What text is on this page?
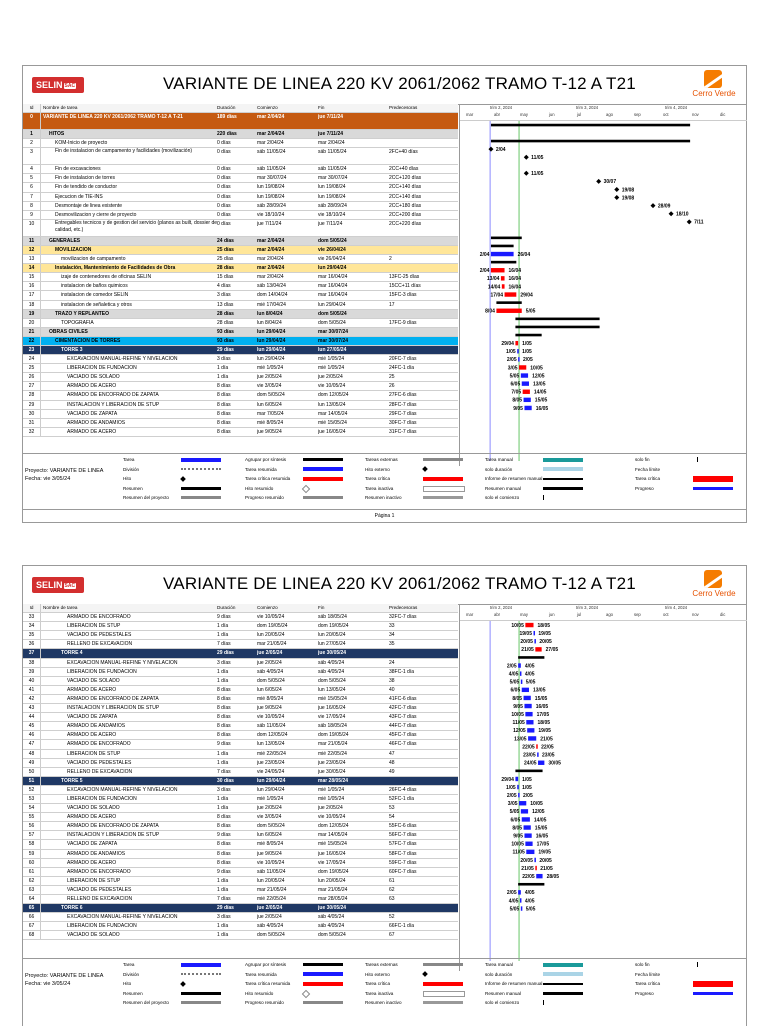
SELIN SAC	VARIANTE DE LINEA 220 KV 2061/2062 TRAMO T-12 A T21
Cerro Verde
Id	Nombre de tarea	Duración	Comienzo	Fin	Predecesoras
0	VARIANTE DE LINEA 220 KV 2061/2062 TRAMO T-12 A T-21	189 días	mar 2/04/24	jue 7/11/24
1	HITOS	220 días	mar 2/04/24	jue 7/11/24
2	KOM-Inicio de proyecto	0 días	mar 2/04/24	mar 2/04/24
3	Fin de instalacion de campamento y facilidades (movilización)	0 días	sáb 11/05/24	sáb 11/05/24	2FC+40 días
4	Fin de excavaciones	0 días	sáb 11/05/24	sáb 11/05/24	2CC+40 días
5	Fin de instalacion de torres	0 días	mar 30/07/24	mar 30/07/24	2CC+120 días
6	Fin de tendido de conductor	0 días	lun 19/08/24	lun 19/08/24	2CC+140 días
7	Ejecucion de TIE-INS	0 días	lun 19/08/24	lun 19/08/24	2CC+140 días
8	Desmontaje de linea existente	0 días	sáb 28/09/24	sáb 28/09/24	2CC+180 días
9	Desmovilizacion y cierre de proyecto	0 días	vie 18/10/24	vie 18/10/24	2CC+200 días
10	Entregables tecnicos y de gestion del servicio (planos as built, dossier de calidad, etc.)
0 días	jue 7/11/24	jue 7/11/24	2CC+220 días
11	GENERALES	24 días	mar 2/04/24	dom 5/05/24
12	MOVILIZACION	25 días	mar 2/04/24	vie 26/04/24
13	movilizacion de campamento	25 días	mar 2/04/24	vie 26/04/24	2
14	Instalación, Mantenimiento de Facilidades de Obra	28 días	mar 2/04/24	lun 29/04/24
15	izaje de contenedores de oficinas SELIN	15 días	mar 2/04/24	mar 16/04/24	13FC-25 días
16	instalacion de baños quimicos	4 días	sáb 13/04/24	mar 16/04/24	15CC+11 días
17	instalacion de comedor SELIN	3 días	dom 14/04/24	mar 16/04/24	15FC-3 días
18	instalacion de señaletica y otros	13 días	mié 17/04/24	lun 29/04/24	17
19	TRAZO Y REPLANTEO	28 días	lun 8/04/24	dom 5/05/24
20	TOPOGRAFIA	28 días	lun 8/04/24	dom 5/05/24	17FC-9 días
21	OBRAS CIVILES	93 días	lun 29/04/24	mar 30/07/24
22	CIMENTACION DE TORRES	93 días	lun 29/04/24	mar 30/07/24
23	TORRE 3	29 días	lun 29/04/24	lun 27/05/24
24	EXCAVACION MANUAL-REFINE Y NIVELACION	3 días	lun 29/04/24	mié 1/05/24	20FC-7 días
25	LIBERACION DE FUNDACION	1 día	mié 1/05/24	mié 1/05/24	24FC-1 día
26	VACIADO DE SOLADO	1 día	jue 2/05/24	jue 2/05/24	25
27	ARMADO DE ACERO	8 días	vie 3/05/24	vie 10/05/24	26
28	ARMADO DE ENCOFRADO DE ZAPATA	8 días	dom 5/05/24	dom 12/05/24	27FC-6 días
29	INSTALACION Y LIBERACION DE STUP	8 días	lun 6/05/24	lun 13/05/24	28FC-7 días
30	VACIADO DE ZAPATA	8 días	mar 7/05/24	mar 14/05/24	29FC-7 días
31	ARMADO DE ANDAMIOS	8 días	mié 8/05/24	mié 15/05/24	30FC-7 días
32	ARMADO DE ACERO	8 días	jue 9/05/24	jue 16/05/24	31FC-7 días
trim 2, 2024	trim 3, 2024	trim 4, 2024
mar	abr	may	jun	jul	ago	sep	oct	nov	dic
2/04
11/05
11/05
30/07
19/08
19/08
28/09
18/10
7/11
2/04	26/04
2/04	16/04
13/04 16/04
14/04 16/04
17/04	29/04
8/04	5/05
29/04 1/05
1/05 1/05
2/05 2/05
3/05	10/05
5/05	12/05
6/05	13/05
7/05	14/05
8/05	15/05
9/05	16/05
Proyecto: VARIANTE DE LINEA
Fecha: vie 3/05/24
Tarea	Agrupar por síntesis	Tareas externas	Tarea manual	solo fin
División	Tarea resumida	Hito externo	solo duración	Fecha límite
Hito	Tarea crítica resumida	Tarea crítica	Informe de resumen manual	Tarea crítica
Resumen	Hito resumido	Tarea inactiva	Resumen manual	Progreso
Resumen del proyecto	Progreso resumido	Resumen inactivo	solo el comienzo
Página 1
SELIN SAC	VARIANTE DE LINEA 220 KV 2061/2062 TRAMO T-12 A T21
Cerro Verde
Id	Nombre de tarea	Duración	Comienzo	Fin	Predecesoras
33	ARMADO DE ENCOFRADO	9 días	vie 10/05/24	sáb 18/05/24	32FC-7 días
34	LIBERACION DE STUP	1 día	dom 19/05/24	dom 19/05/24	33
35	VACIADO DE PEDESTALES	1 día	lun 20/05/24	lun 20/05/24	34
36	RELLENO DE EXCAVACION	7 días	mar 21/05/24	lun 27/05/24	35
37	TORRE 4	29 días	jue 2/05/24	jue 30/05/24
38	EXCAVACION MANUAL-REFINE Y NIVELACION	3 días	jue 2/05/24	sáb 4/05/24	24
39	LIBERACION DE FUNDACION	1 día	sáb 4/05/24	sáb 4/05/24	38FC-1 día
40	VACIADO DE SOLADO	1 día	dom 5/05/24	dom 5/05/24	38
41	ARMADO DE ACERO	8 días	lun 6/05/24	lun 13/05/24	40
42	ARMADO DE ENCOFRADO DE ZAPATA	8 días	mié 8/05/24	mié 15/05/24	41FC-6 días
43	INSTALACION Y LIBERACION DE STUP	8 días	jue 9/05/24	jue 16/05/24	42FC-7 días
44	VACIADO DE ZAPATA	8 días	vie 10/05/24	vie 17/05/24	43FC-7 días
45	ARMADO DE ANDAMIOS	8 días	sáb 11/05/24	sáb 18/05/24	44FC-7 días
46	ARMADO DE ACERO	8 días	dom 12/05/24	dom 19/05/24	45FC-7 días
47	ARMADO DE ENCOFRADO	9 días	lun 13/05/24	mar 21/05/24	46FC-7 días
48	LIBERACION DE STUP	1 día	mié 22/05/24	mié 22/05/24	47
49	VACIADO DE PEDESTALES	1 día	jue 23/05/24	jue 23/05/24	48
50	RELLENO DE EXCAVACION	7 días	vie 24/05/24	jue 30/05/24	49
51	TORRE 5	30 días	lun 29/04/24	mar 28/05/24
52	EXCAVACION MANUAL-REFINE Y NIVELACION	3 días	lun 29/04/24	mié 1/05/24	26FC-4 días
53	LIBERACION DE FUNDACION	1 día	mié 1/05/24	mié 1/05/24	52FC-1 día
54	VACIADO DE SOLADO	1 día	jue 2/05/24	jue 2/05/24	53
55	ARMADO DE ACERO	8 días	vie 3/05/24	vie 10/05/24	54
56	ARMADO DE ENCOFRADO DE ZAPATA	8 días	dom 5/05/24	dom 12/05/24	55FC-6 días
57	INSTALACION Y LIBERACION DE STUP	9 días	lun 6/05/24	mar 14/05/24	56FC-7 días
58	VACIADO DE ZAPATA	8 días	mié 8/05/24	mié 15/05/24	57FC-7 días
59	ARMADO DE ANDAMIOS	8 días	jue 9/05/24	jue 16/05/24	58FC-7 días
60	ARMADO DE ACERO	8 días	vie 10/05/24	vie 17/05/24	59FC-7 días
61	ARMADO DE ENCOFRADO	9 días	sáb 11/05/24	dom 19/05/24	60FC-7 días
62	LIBERACION DE STUP	1 día	lun 20/05/24	lun 20/05/24	61
63	VACIADO DE PEDESTALES	1 día	mar 21/05/24	mar 21/05/24	62
64	RELLENO DE EXCAVACION	7 días	mié 22/05/24	mar 28/05/24	63
65	TORRE 6	29 días	jue 2/05/24	jue 30/05/24
66	EXCAVACION MANUAL-REFINE Y NIVELACION	3 días	jue 2/05/24	sáb 4/05/24	52
67	LIBERACION DE FUNDACION	1 día	sáb 4/05/24	sáb 4/05/24	66FC-1 día
68	VACIADO DE SOLADO	1 día	dom 5/05/24	dom 5/05/24	67
trim 2, 2024	trim 3, 2024	trim 4, 2024
mar	abr	may	jun	jul	ago	sep	oct	nov	dic
10/05	18/05
19/05 19/05
20/05 20/05
21/05 27/05
2/05 4/05
4/05 4/05
5/05 5/05
6/05	13/05
8/05	15/05
9/05	16/05
10/05	17/05
11/05	18/05
12/05	19/05
13/05	21/05
22/05 22/05
23/05 23/05
24/05 30/05
29/04 1/05
1/05 1/05
2/05 2/05
3/05	10/05
5/05	12/05
6/05	14/05
8/05	15/05
9/05	16/05
10/05	17/05
11/05	19/05
20/05 20/05
21/05 21/05
22/05 28/05
2/05 4/05
4/05 4/05
5/05 5/05
Proyecto: VARIANTE DE LINEA
Fecha: vie 3/05/24
Tarea	Agrupar por síntesis	Tareas externas	Tarea manual	solo fin
División	Tarea resumida	Hito externo	solo duración	Fecha límite
Hito	Tarea crítica resumida	Tarea crítica	Informe de resumen manual	Tarea crítica
Resumen	Hito resumido	Tarea inactiva	Resumen manual	Progreso
Resumen del proyecto	Progreso resumido	Resumen inactivo	solo el comienzo
